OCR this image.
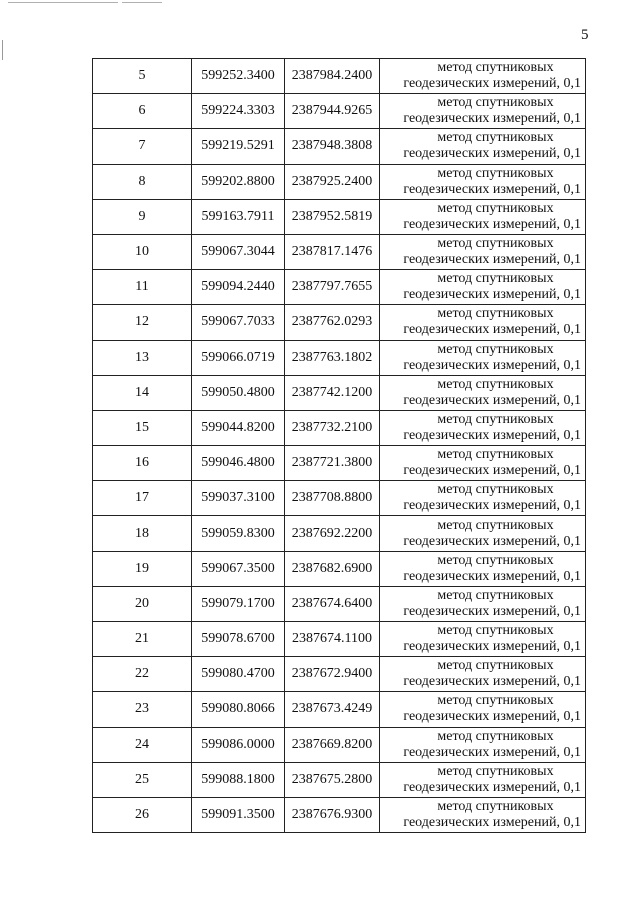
5
5	599252.3400	2387984.2400	метод спутниковых
геодезических измерений, 0,1

6	599224.3303	2387944.9265	метод спутниковых
геодезических измерений, 0,1

7	599219.5291	2387948.3808	метод спутниковых
геодезических измерений, 0,1

8	599202.8800	2387925.2400	метод спутниковых
геодезических измерений, 0,1

9	599163.7911	2387952.5819	метод спутниковых
геодезических измерений, 0,1

10	599067.3044	2387817.1476	метод спутниковых
геодезических измерений, 0,1

11	599094.2440	2387797.7655	метод спутниковых
геодезических измерений, 0,1

12	599067.7033	2387762.0293	метод спутниковых
геодезических измерений, 0,1

13	599066.0719	2387763.1802	метод спутниковых
геодезических измерений, 0,1

14	599050.4800	2387742.1200	метод спутниковых
геодезических измерений, 0,1

15	599044.8200	2387732.2100	метод спутниковых
геодезических измерений, 0,1

16	599046.4800	2387721.3800	метод спутниковых
геодезических измерений, 0,1

17	599037.3100	2387708.8800	метод спутниковых
геодезических измерений, 0,1

18	599059.8300	2387692.2200	метод спутниковых
геодезических измерений, 0,1

19	599067.3500	2387682.6900	метод спутниковых
геодезических измерений, 0,1

20	599079.1700	2387674.6400	метод спутниковых
геодезических измерений, 0,1

21	599078.6700	2387674.1100	метод спутниковых
геодезических измерений, 0,1

22	599080.4700	2387672.9400	метод спутниковых
геодезических измерений, 0,1

23	599080.8066	2387673.4249	метод спутниковых
геодезических измерений, 0,1

24	599086.0000	2387669.8200	метод спутниковых
геодезических измерений, 0,1

25	599088.1800	2387675.2800	метод спутниковых
геодезических измерений, 0,1

26	599091.3500	2387676.9300	метод спутниковых
геодезических измерений, 0,1
